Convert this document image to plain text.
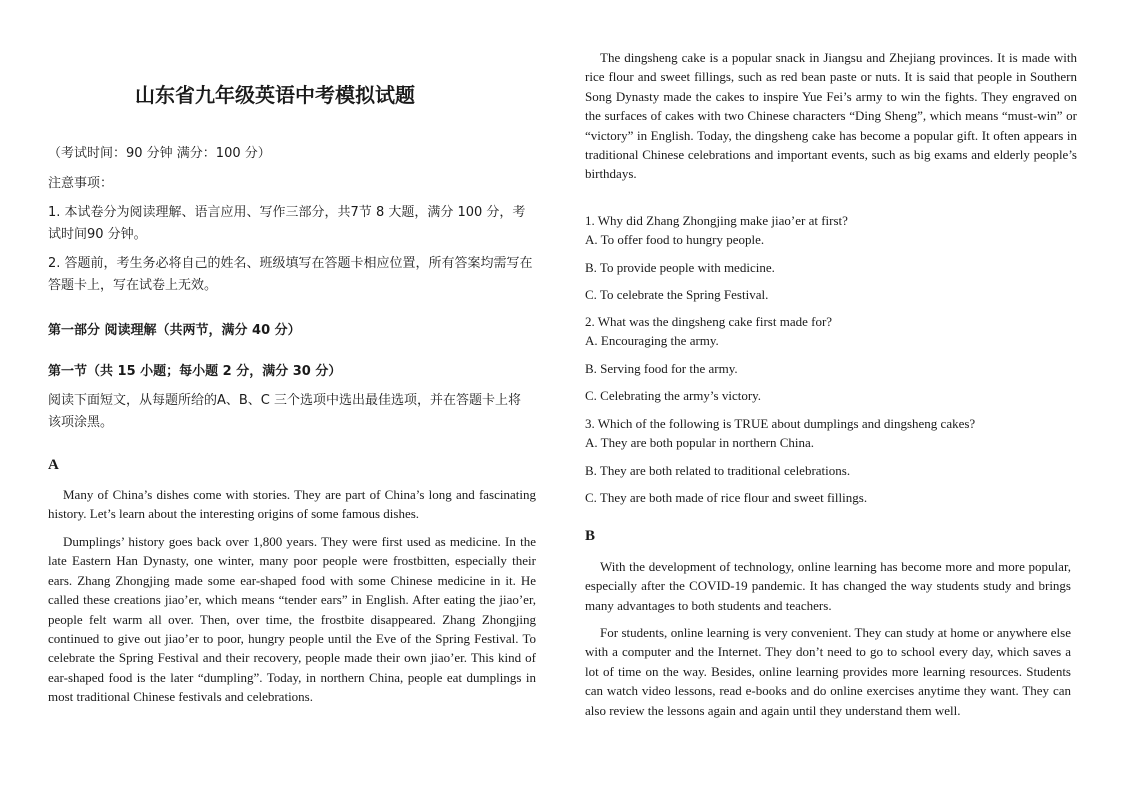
山东省九年级英语中考模拟试题

（考试时间：90 分钟 满分：100 分）

注意事项：

1. 本试卷分为阅读理解、语言应用、写作三部分，共7节 8 大题，满分 100 分，考试时间90 分钟。

2. 答题前，考生务必将自己的姓名、班级填写在答题卡相应位置，所有答案均需写在答题卡上，写在试卷上无效。

第一部分 阅读理解（共两节，满分 40 分）

第一节（共 15 小题；每小题 2 分，满分 30 分）

阅读下面短文，从每题所给的A、B、C 三个选项中选出最佳选项，并在答题卡上将该项涂黑。

A

Many of China’s dishes come with stories. They are part of China’s long and fascinating history. Let’s learn about the interesting origins of some famous dishes.

Dumplings’ history goes back over 1,800 years. They were first used as medicine. In the late Eastern Han Dynasty, one winter, many poor people were frostbitten, especially their ears. Zhang Zhongjing made some ear-shaped food with some Chinese medicine in it. He called these creations jiao’er, which means “tender ears” in English. After eating the jiao’er, people felt warm all over. Then, over time, the frostbite disappeared. Zhang Zhongjing continued to give out jiao’er to poor, hungry people until the Eve of the Spring Festival. To celebrate the Spring Festival and their recovery, people made their own jiao’er. This kind of ear-shaped food is the later “dumpling”. Today, in northern China, people eat dumplings in most traditional Chinese festivals and celebrations.

The dingsheng cake is a popular snack in Jiangsu and Zhejiang provinces. It is made with rice flour and sweet fillings, such as red bean paste or nuts. It is said that people in Southern Song Dynasty made the cakes to inspire Yue Fei’s army to win the fights. They engraved on the surfaces of cakes with two Chinese characters “Ding Sheng”, which means “must-win” or “victory” in English. Today, the dingsheng cake has become a popular gift. It often appears in traditional Chinese celebrations and important events, such as big exams and elderly people’s birthdays.

1. Why did Zhang Zhongjing make jiao’er at first?

A. To offer food to hungry people.

B. To provide people with medicine.

C. To celebrate the Spring Festival.

2. What was the dingsheng cake first made for?

A. Encouraging the army.

B. Serving food for the army.

C. Celebrating the army’s victory.

3. Which of the following is TRUE about dumplings and dingsheng cakes?

A. They are both popular in northern China.

B. They are both related to traditional celebrations.

C. They are both made of rice flour and sweet fillings.

B

With the development of technology, online learning has become more and more popular, especially after the COVID-19 pandemic. It has changed the way students study and brings many advantages to both students and teachers.

For students, online learning is very convenient. They can study at home or anywhere else with a computer and the Internet. They don’t need to go to school every day, which saves a lot of time on the way. Besides, online learning provides more learning resources. Students can watch video lessons, read e-books and do online exercises anytime they want. They can also review the lessons again and again until they understand them well.
